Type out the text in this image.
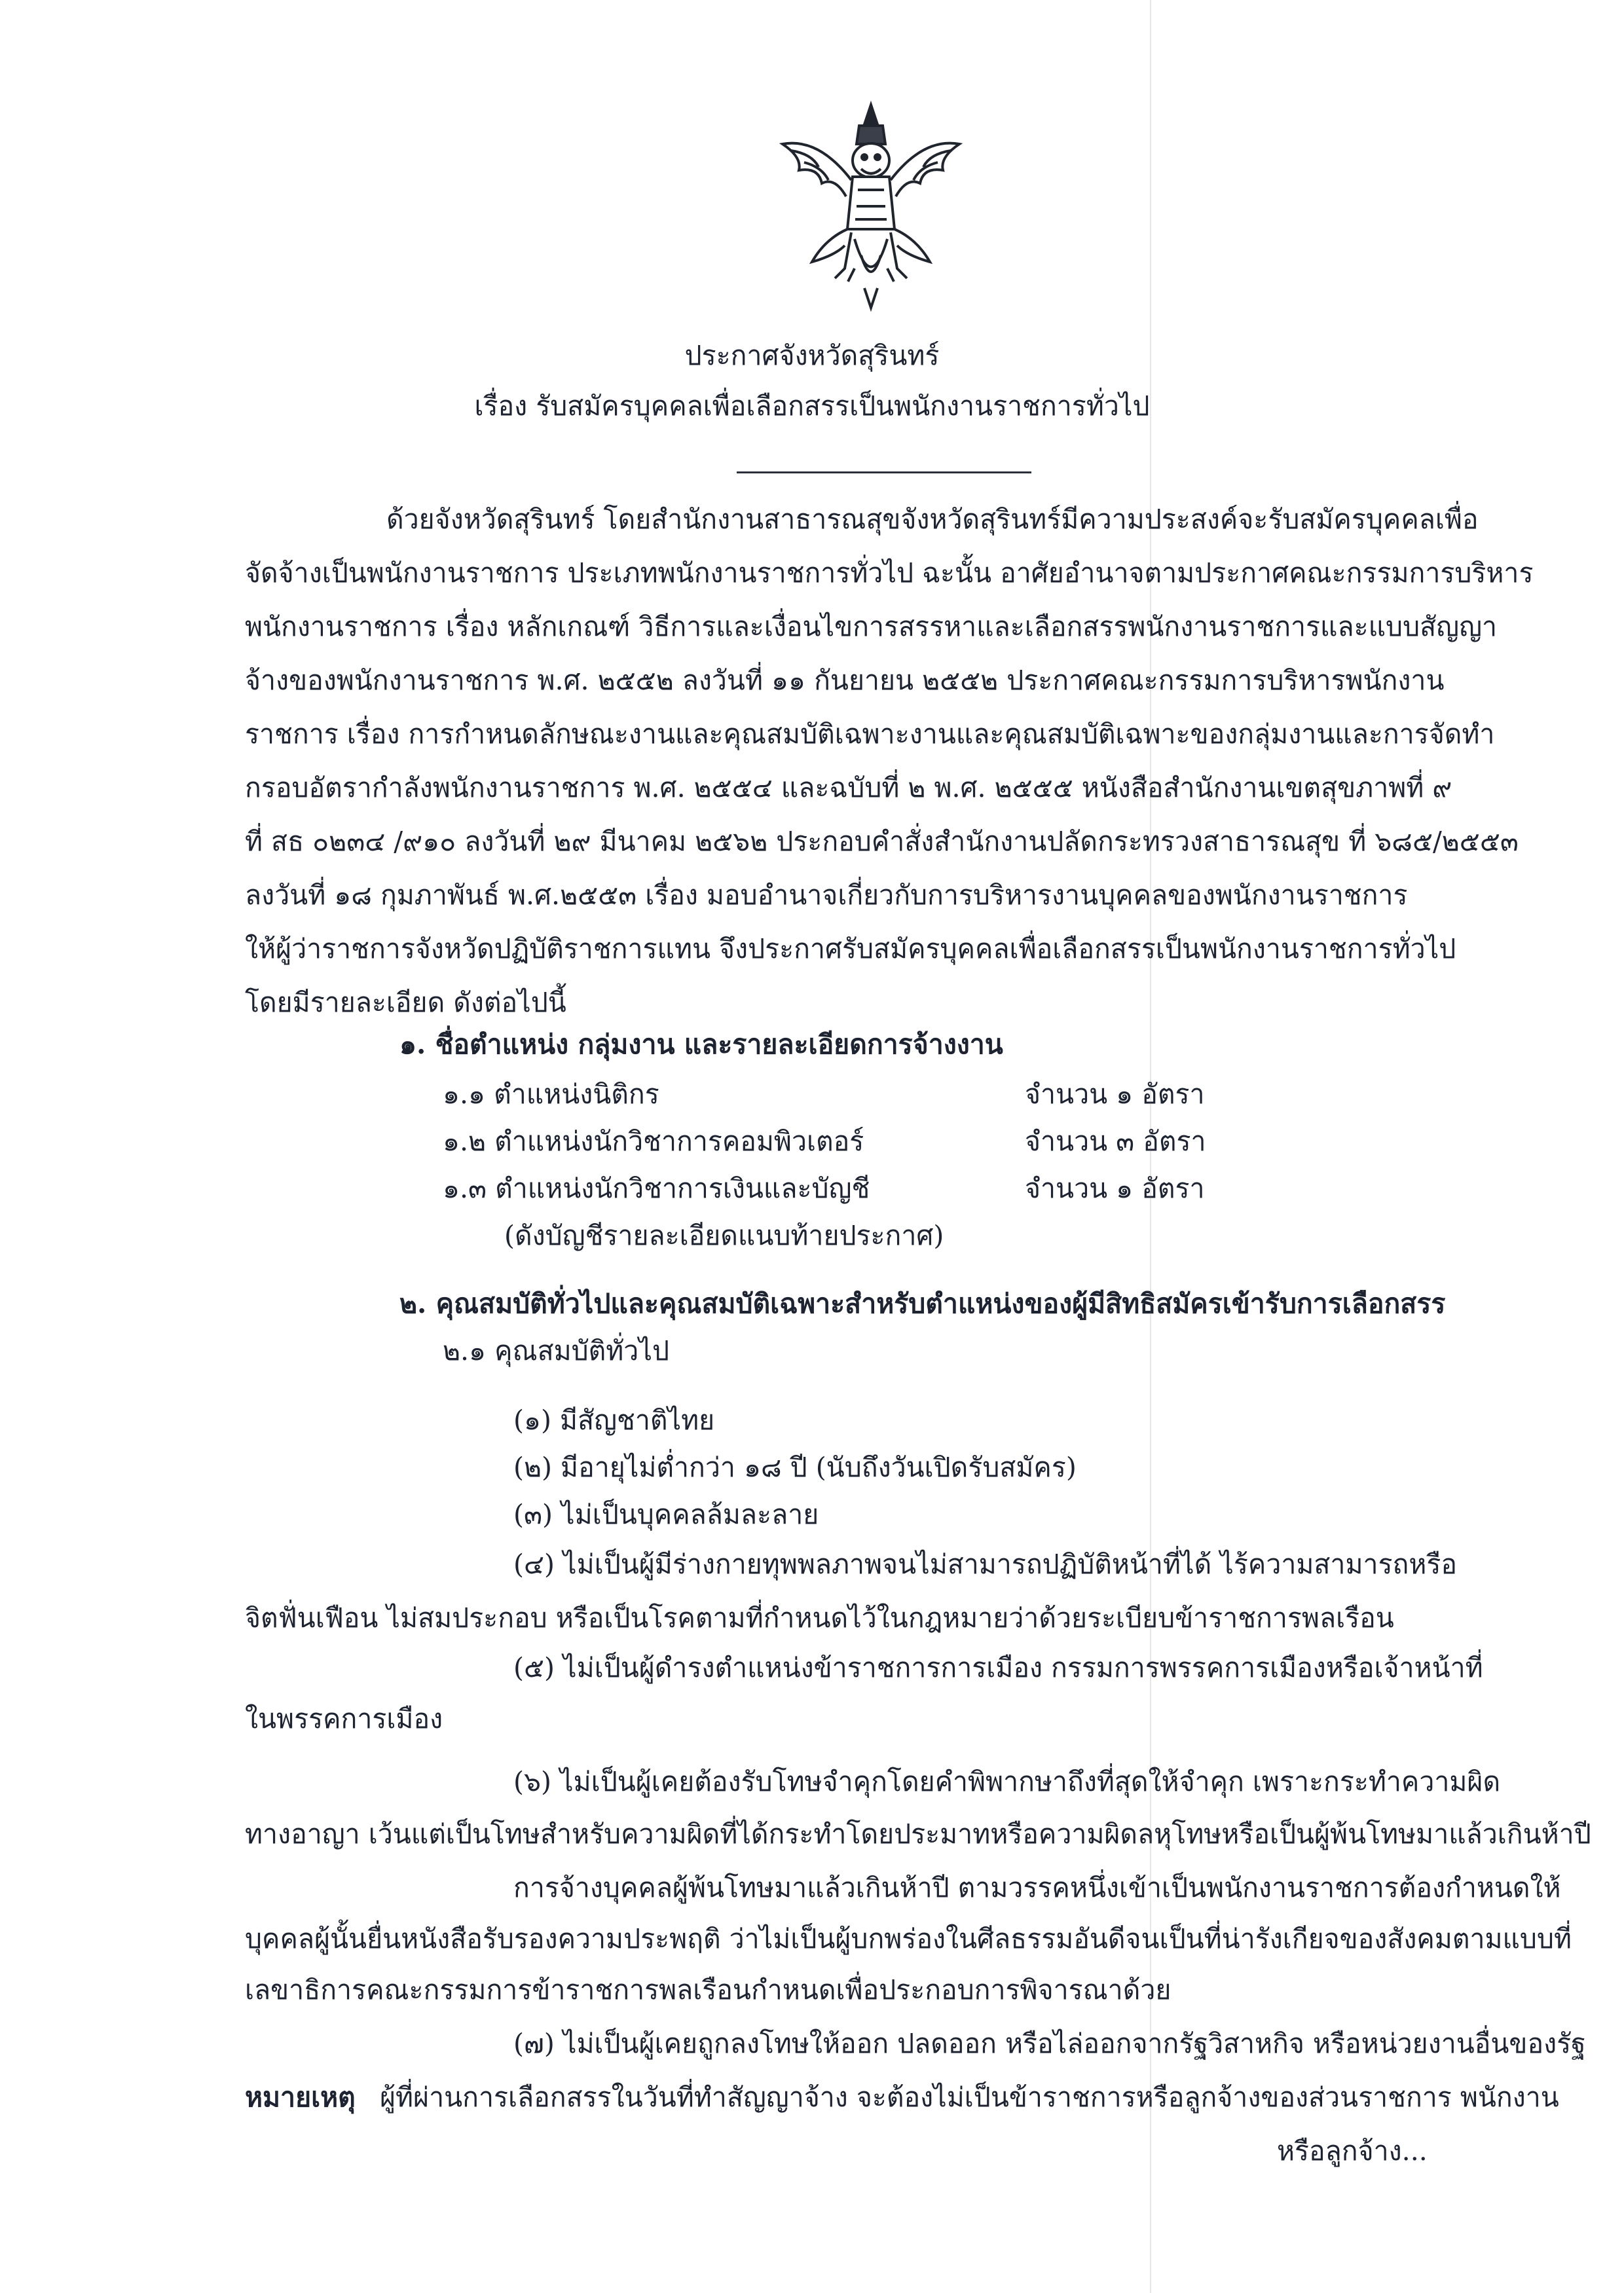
ประกาศจังหวัดสุรินทร์
เรื่อง รับสมัครบุคคลเพื่อเลือกสรรเป็นพนักงานราชการทั่วไป
ด้วยจังหวัดสุรินทร์ โดยสำนักงานสาธารณสุขจังหวัดสุรินทร์มีความประสงค์จะรับสมัครบุคคลเพื่อ
จัดจ้างเป็นพนักงานราชการ ประเภทพนักงานราชการทั่วไป ฉะนั้น อาศัยอำนาจตามประกาศคณะกรรมการบริหาร
พนักงานราชการ เรื่อง หลักเกณฑ์ วิธีการและเงื่อนไขการสรรหาและเลือกสรรพนักงานราชการและแบบสัญญา
จ้างของพนักงานราชการ พ.ศ. ๒๕๕๒ ลงวันที่ ๑๑ กันยายน ๒๕๕๒ ประกาศคณะกรรมการบริหารพนักงาน
ราชการ เรื่อง การกำหนดลักษณะงานและคุณสมบัติเฉพาะงานและคุณสมบัติเฉพาะของกลุ่มงานและการจัดทำ
กรอบอัตรากำลังพนักงานราชการ พ.ศ. ๒๕๕๔ และฉบับที่ ๒ พ.ศ. ๒๕๕๕ หนังสือสำนักงานเขตสุขภาพที่ ๙
ที่ สธ ๐๒๓๔ /๙๑๐ ลงวันที่ ๒๙ มีนาคม ๒๕๖๒ ประกอบคำสั่งสำนักงานปลัดกระทรวงสาธารณสุข ที่ ๖๘๕/๒๕๕๓
ลงวันที่ ๑๘ กุมภาพันธ์ พ.ศ.๒๕๕๓ เรื่อง มอบอำนาจเกี่ยวกับการบริหารงานบุคคลของพนักงานราชการ
ให้ผู้ว่าราชการจังหวัดปฏิบัติราชการแทน จึงประกาศรับสมัครบุคคลเพื่อเลือกสรรเป็นพนักงานราชการทั่วไป
โดยมีรายละเอียด ดังต่อไปนี้
๑. ชื่อตำแหน่ง กลุ่มงาน และรายละเอียดการจ้างงาน
๑.๑ ตำแหน่งนิติกร	จำนวน ๑ อัตรา
๑.๒ ตำแหน่งนักวิชาการคอมพิวเตอร์	จำนวน ๓ อัตรา
๑.๓ ตำแหน่งนักวิชาการเงินและบัญชี	จำนวน ๑ อัตรา
(ดังบัญชีรายละเอียดแนบท้ายประกาศ)
๒. คุณสมบัติทั่วไปและคุณสมบัติเฉพาะสำหรับตำแหน่งของผู้มีสิทธิสมัครเข้ารับการเลือกสรร
๒.๑ คุณสมบัติทั่วไป
(๑) มีสัญชาติไทย
(๒) มีอายุไม่ต่ำกว่า ๑๘ ปี (นับถึงวันเปิดรับสมัคร)
(๓) ไม่เป็นบุคคลล้มละลาย
(๔) ไม่เป็นผู้มีร่างกายทุพพลภาพจนไม่สามารถปฏิบัติหน้าที่ได้ ไร้ความสามารถหรือ
จิตฟั่นเฟือน ไม่สมประกอบ หรือเป็นโรคตามที่กำหนดไว้ในกฎหมายว่าด้วยระเบียบข้าราชการพลเรือน
(๕) ไม่เป็นผู้ดำรงตำแหน่งข้าราชการการเมือง กรรมการพรรคการเมืองหรือเจ้าหน้าที่
ในพรรคการเมือง
(๖) ไม่เป็นผู้เคยต้องรับโทษจำคุกโดยคำพิพากษาถึงที่สุดให้จำคุก เพราะกระทำความผิด
ทางอาญา เว้นแต่เป็นโทษสำหรับความผิดที่ได้กระทำโดยประมาทหรือความผิดลหุโทษหรือเป็นผู้พ้นโทษมาแล้วเกินห้าปี
การจ้างบุคคลผู้พ้นโทษมาแล้วเกินห้าปี ตามวรรคหนึ่งเข้าเป็นพนักงานราชการต้องกำหนดให้
บุคคลผู้นั้นยื่นหนังสือรับรองความประพฤติ ว่าไม่เป็นผู้บกพร่องในศีลธรรมอันดีจนเป็นที่น่ารังเกียจของสังคมตามแบบที่
เลขาธิการคณะกรรมการข้าราชการพลเรือนกำหนดเพื่อประกอบการพิจารณาด้วย
(๗) ไม่เป็นผู้เคยถูกลงโทษให้ออก ปลดออก หรือไล่ออกจากรัฐวิสาหกิจ หรือหน่วยงานอื่นของรัฐ
หมายเหตุ ผู้ที่ผ่านการเลือกสรรในวันที่ทำสัญญาจ้าง จะต้องไม่เป็นข้าราชการหรือลูกจ้างของส่วนราชการ พนักงาน
หรือลูกจ้าง...
